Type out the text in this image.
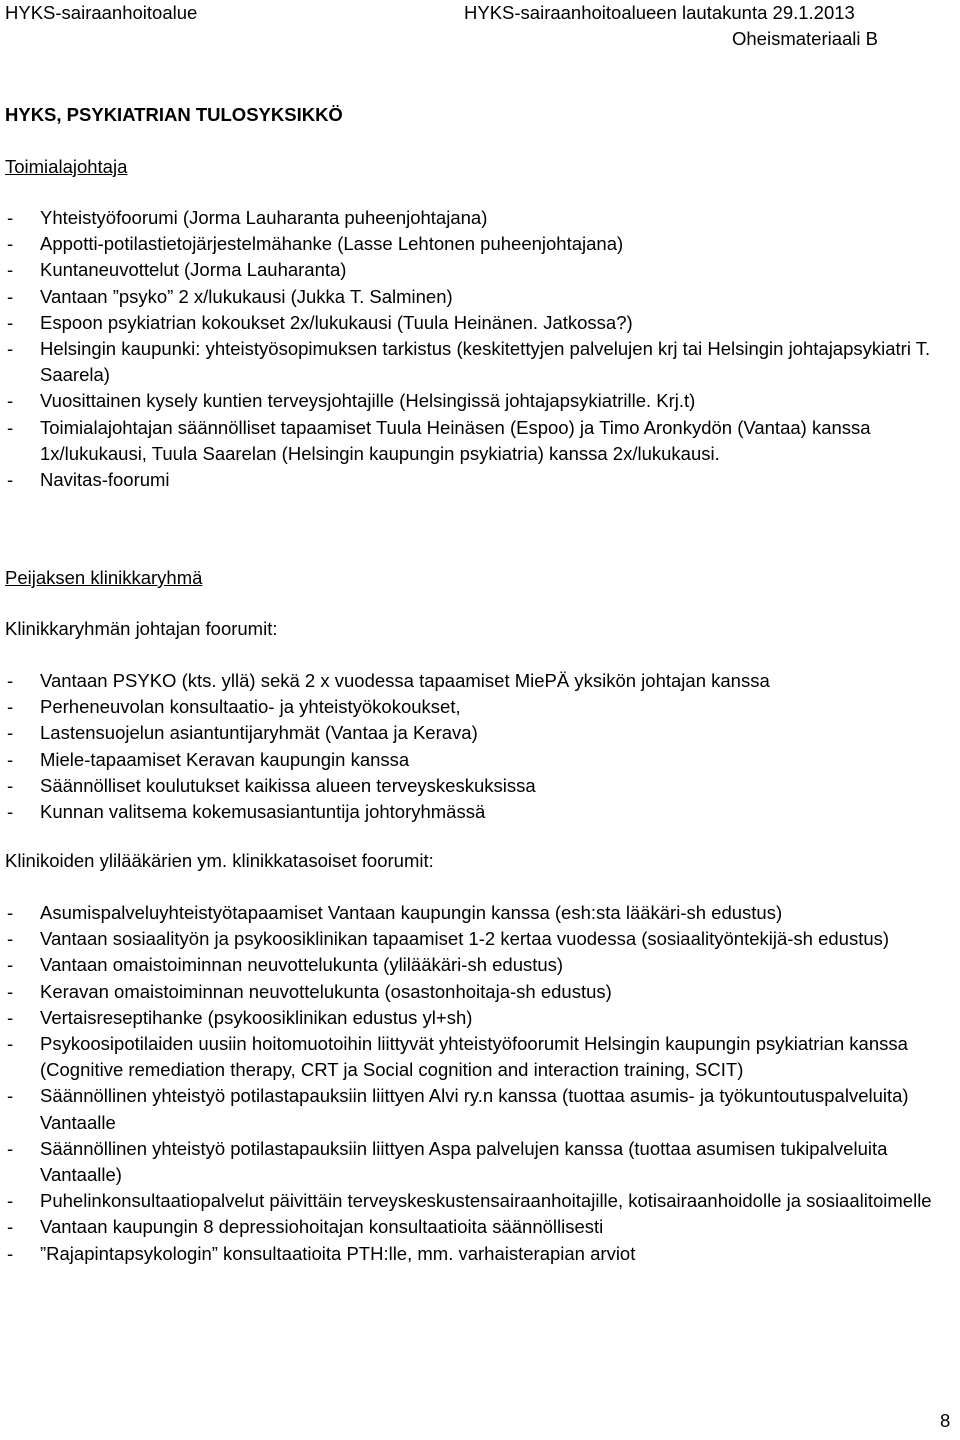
HYKS-sairaanhoitoalue	HYKS-sairaanhoitoalueen lautakunta 29.1.2013
Oheismateriaali B
HYKS, PSYKIATRIAN TULOSYKSIKKÖ
Toimialajohtaja
- Yhteistyöfoorumi (Jorma Lauharanta puheenjohtajana)
- Appotti-potilastietojärjestelmähanke (Lasse Lehtonen puheenjohtajana)
- Kuntaneuvottelut (Jorma Lauharanta)
- Vantaan ”psyko” 2 x/lukukausi (Jukka T. Salminen)
- Espoon psykiatrian kokoukset 2x/lukukausi (Tuula Heinänen. Jatkossa?)
- Helsingin kaupunki: yhteistyösopimuksen tarkistus (keskitettyjen palvelujen krj tai Helsingin johtajapsykiatri T. Saarela)
- Vuosittainen kysely kuntien terveysjohtajille (Helsingissä johtajapsykiatrille. Krj.t)
- Toimialajohtajan säännölliset tapaamiset Tuula Heinäsen (Espoo) ja Timo Aronkydön (Vantaa) kanssa 1x/lukukausi, Tuula Saarelan (Helsingin kaupungin psykiatria) kanssa 2x/lukukausi.
- Navitas-foorumi
Peijaksen klinikkaryhmä
Klinikkaryhmän johtajan foorumit:
- Vantaan PSYKO (kts. yllä) sekä 2 x vuodessa tapaamiset MiePÄ yksikön johtajan kanssa
- Perheneuvolan konsultaatio- ja yhteistyökokoukset,
- Lastensuojelun asiantuntijaryhmät (Vantaa ja Kerava)
- Miele-tapaamiset Keravan kaupungin kanssa
- Säännölliset koulutukset kaikissa alueen terveyskeskuksissa
- Kunnan valitsema kokemusasiantuntija johtoryhmässä
Klinikoiden ylilääkärien ym. klinikkatasoiset foorumit:
- Asumispalveluyhteistyötapaamiset Vantaan kaupungin kanssa (esh:sta lääkäri-sh edustus)
- Vantaan sosiaalityön ja psykoosiklinikan tapaamiset 1-2 kertaa vuodessa (sosiaalityöntekijä-sh edustus)
- Vantaan omaistoiminnan neuvottelukunta (ylilääkäri-sh edustus)
- Keravan omaistoiminnan neuvottelukunta (osastonhoitaja-sh edustus)
- Vertaisreseptihanke (psykoosiklinikan edustus yl+sh)
- Psykoosipotilaiden uusiin hoitomuotoihin liittyvät yhteistyöfoorumit Helsingin kaupungin psykiatrian kanssa (Cognitive remediation therapy, CRT ja Social cognition and interaction training, SCIT)
- Säännöllinen yhteistyö potilastapauksiin liittyen Alvi ry.n kanssa (tuottaa asumis- ja työkuntoutuspalveluita) Vantaalle
- Säännöllinen yhteistyö potilastapauksiin liittyen Aspa palvelujen kanssa (tuottaa asumisen tukipalveluita Vantaalle)
- Puhelinkonsultaatiopalvelut päivittäin terveyskeskustensairaanhoitajille, kotisairaanhoidolle ja sosiaalitoimelle
- Vantaan kaupungin 8 depressiohoitajan konsultaatioita säännöllisesti
- ”Rajapintapsykologin” konsultaatioita PTH:lle, mm. varhaisterapian arviot
8
